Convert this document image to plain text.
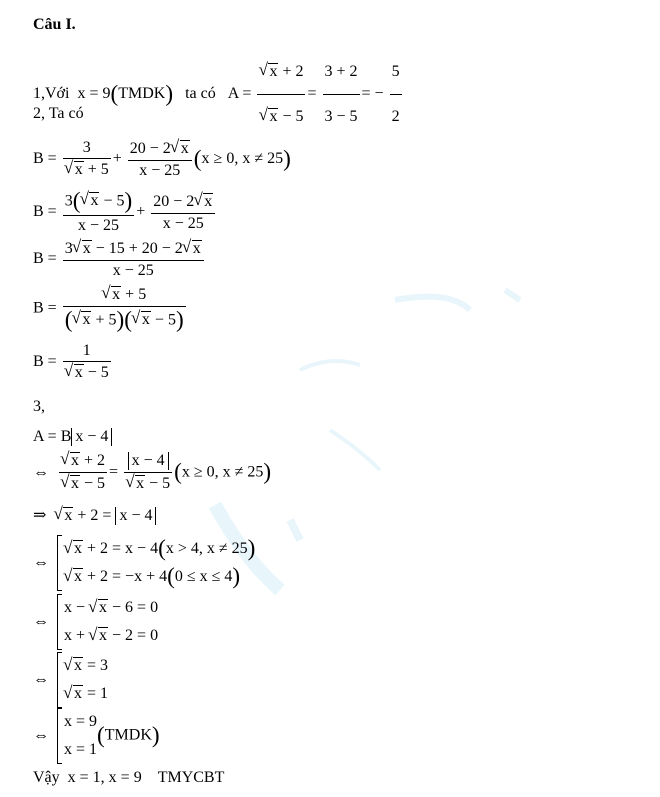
Câu I.
1,Với x = 9(TMDK) ta có A = √ x + 2
√ $x - 5 = \frac{3 + 2}{3 - 5}$ = − $\frac{5}{2}$
2, Ta có
B = 3
√ $x + 5 + \frac{20 - 2 √ x}{x - 25} (x \ge 0$, x ≠ 25)
$B = \frac{3( √ x - 5)}{x - 25} + \frac{20 - 2 √ x}{x - 25}$
$B = \frac{3 √ x - 15 + 20 - 2 √ x}{x - 25}$
B = √ $\frac{x + 5}{( √ x + 5)( √ x - 5)}$
B = 1
√ x − 5
3,
A = B x − 4
⇔ √ x + 2
√ x − 5 = x − 4
√ x − 5 (x ≥ 0, x ≠ 25)
⇒ √ x + 2 = x − 4
⇔
√ x + 2 = x − 4(x > 4, x ≠ 25)
√ x + 2 = −x + 4(0 ≤ x ≤ 4)
⇔
x − √ x − 6 = 0
x + √ x − 2 = 0
⇔
√ x = 3
√ x = 1
⇔
x = 9
x = 1
(TMDK)
Vậy x = 1, x = 9 TMYCBT
